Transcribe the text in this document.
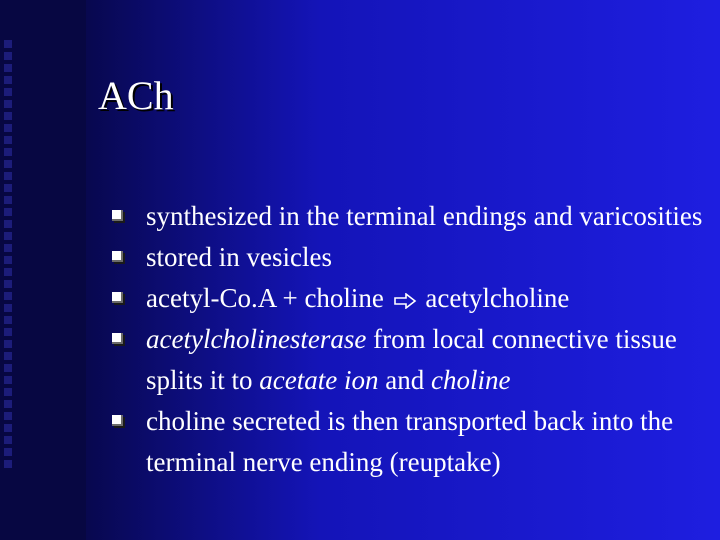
ACh
synthesized in the terminal endings and varicosities
stored in vesicles
acetyl-Co.A + choline acetylcholine
acetylcholinesterase from local connective tissue splits it to acetate ion and choline
choline secreted is then transported back into the terminal nerve ending (reuptake)
